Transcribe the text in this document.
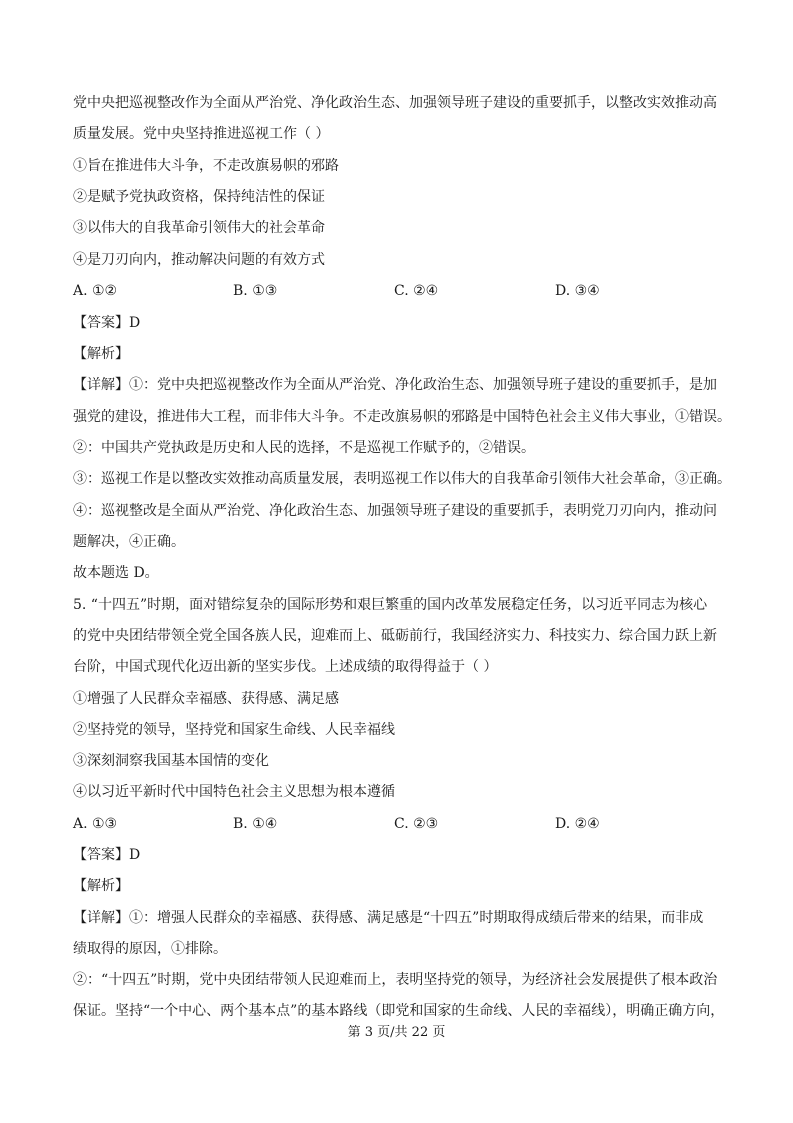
党中央把巡视整改作为全面从严治党、净化政治生态、加强领导班子建设的重要抓手，以整改实效推动高
质量发展。党中央坚持推进巡视工作（ ）
①旨在推进伟大斗争，不走改旗易帜的邪路
②是赋予党执政资格，保持纯洁性的保证
③以伟大的自我革命引领伟大的社会革命
④是刀刃向内，推动解决问题的有效方式
A. ①②	B. ①③	C. ②④	D. ③④
【答案】D
【解析】
【详解】①：党中央把巡视整改作为全面从严治党、净化政治生态、加强领导班子建设的重要抓手，是加
强党的建设，推进伟大工程，而非伟大斗争。不走改旗易帜的邪路是中国特色社会主义伟大事业，①错误。
②：中国共产党执政是历史和人民的选择，不是巡视工作赋予的，②错误。
③：巡视工作是以整改实效推动高质量发展，表明巡视工作以伟大的自我革命引领伟大社会革命，③正确。
④：巡视整改是全面从严治党、净化政治生态、加强领导班子建设的重要抓手，表明党刀刃向内，推动问
题解决，④正确。
故本题选 D。
5. “十四五”时期，面对错综复杂的国际形势和艰巨繁重的国内改革发展稳定任务，以习近平同志为核心
的党中央团结带领全党全国各族人民，迎难而上、砥砺前行，我国经济实力、科技实力、综合国力跃上新
台阶，中国式现代化迈出新的坚实步伐。上述成绩的取得得益于（ ）
①增强了人民群众幸福感、获得感、满足感
②坚持党的领导，坚持党和国家生命线、人民幸福线
③深刻洞察我国基本国情的变化
④以习近平新时代中国特色社会主义思想为根本遵循
A. ①③	B. ①④	C. ②③	D. ②④
【答案】D
【解析】
【详解】①：增强人民群众的幸福感、获得感、满足感是“十四五”时期取得成绩后带来的结果，而非成
绩取得的原因，①排除。
②：“十四五”时期，党中央团结带领人民迎难而上，表明坚持党的领导，为经济社会发展提供了根本政治
保证。坚持“一个中心、两个基本点”的基本路线（即党和国家的生命线、人民的幸福线），明确正确方向，
第 3 页/共 22 页
